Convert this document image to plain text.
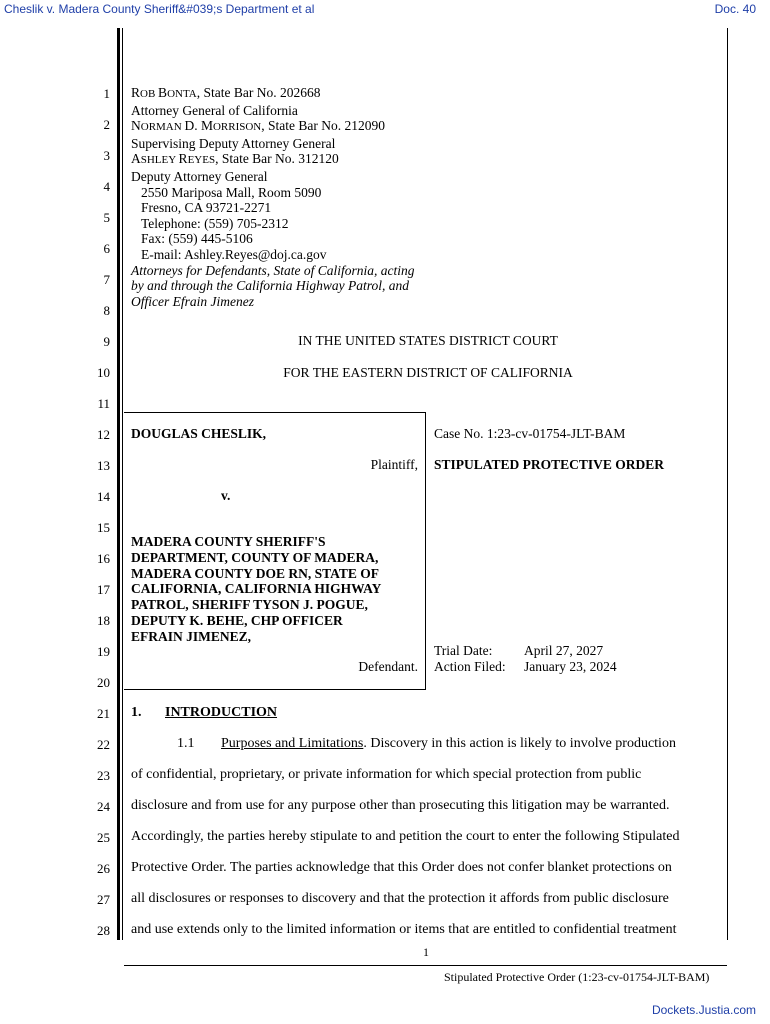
Cheslik v. Madera County Sheriff&#039;s Department et al	Doc. 40
1
2
3
4
5
6
7
8
9
10
11
12
13
14
15
16
17
18
19
20
21
22
23
24
25
26
27
28
ROB BONTA, State Bar No. 202668
Attorney General of California
NORMAN D. MORRISON, State Bar No. 212090
Supervising Deputy Attorney General
ASHLEY REYES, State Bar No. 312120
Deputy Attorney General
2550 Mariposa Mall, Room 5090
Fresno, CA 93721-2271
Telephone: (559) 705-2312
Fax: (559) 445-5106
E-mail: Ashley.Reyes@doj.ca.gov
Attorneys for Defendants, State of California, acting
by and through the California Highway Patrol, and
Officer Efrain Jimenez
IN THE UNITED STATES DISTRICT COURT
FOR THE EASTERN DISTRICT OF CALIFORNIA
DOUGLAS CHESLIK,
Plaintiff,
v.
MADERA COUNTY SHERIFF'S
DEPARTMENT, COUNTY OF MADERA,
MADERA COUNTY DOE RN, STATE OF
CALIFORNIA, CALIFORNIA HIGHWAY
PATROL, SHERIFF TYSON J. POGUE,
DEPUTY K. BEHE, CHP OFFICER
EFRAIN JIMENEZ,
Defendant.
Case No. 1:23-cv-01754-JLT-BAM
STIPULATED PROTECTIVE ORDER
Trial Date: April 27, 2027
Action Filed: January 23, 2024
1. INTRODUCTION
1.1 Purposes and Limitations. Discovery in this action is likely to involve production
of confidential, proprietary, or private information for which special protection from public
disclosure and from use for any purpose other than prosecuting this litigation may be warranted.
Accordingly, the parties hereby stipulate to and petition the court to enter the following Stipulated
Protective Order. The parties acknowledge that this Order does not confer blanket protections on
all disclosures or responses to discovery and that the protection it affords from public disclosure
and use extends only to the limited information or items that are entitled to confidential treatment
1
Stipulated Protective Order (1:23-cv-01754-JLT-BAM)
Dockets.Justia.com
